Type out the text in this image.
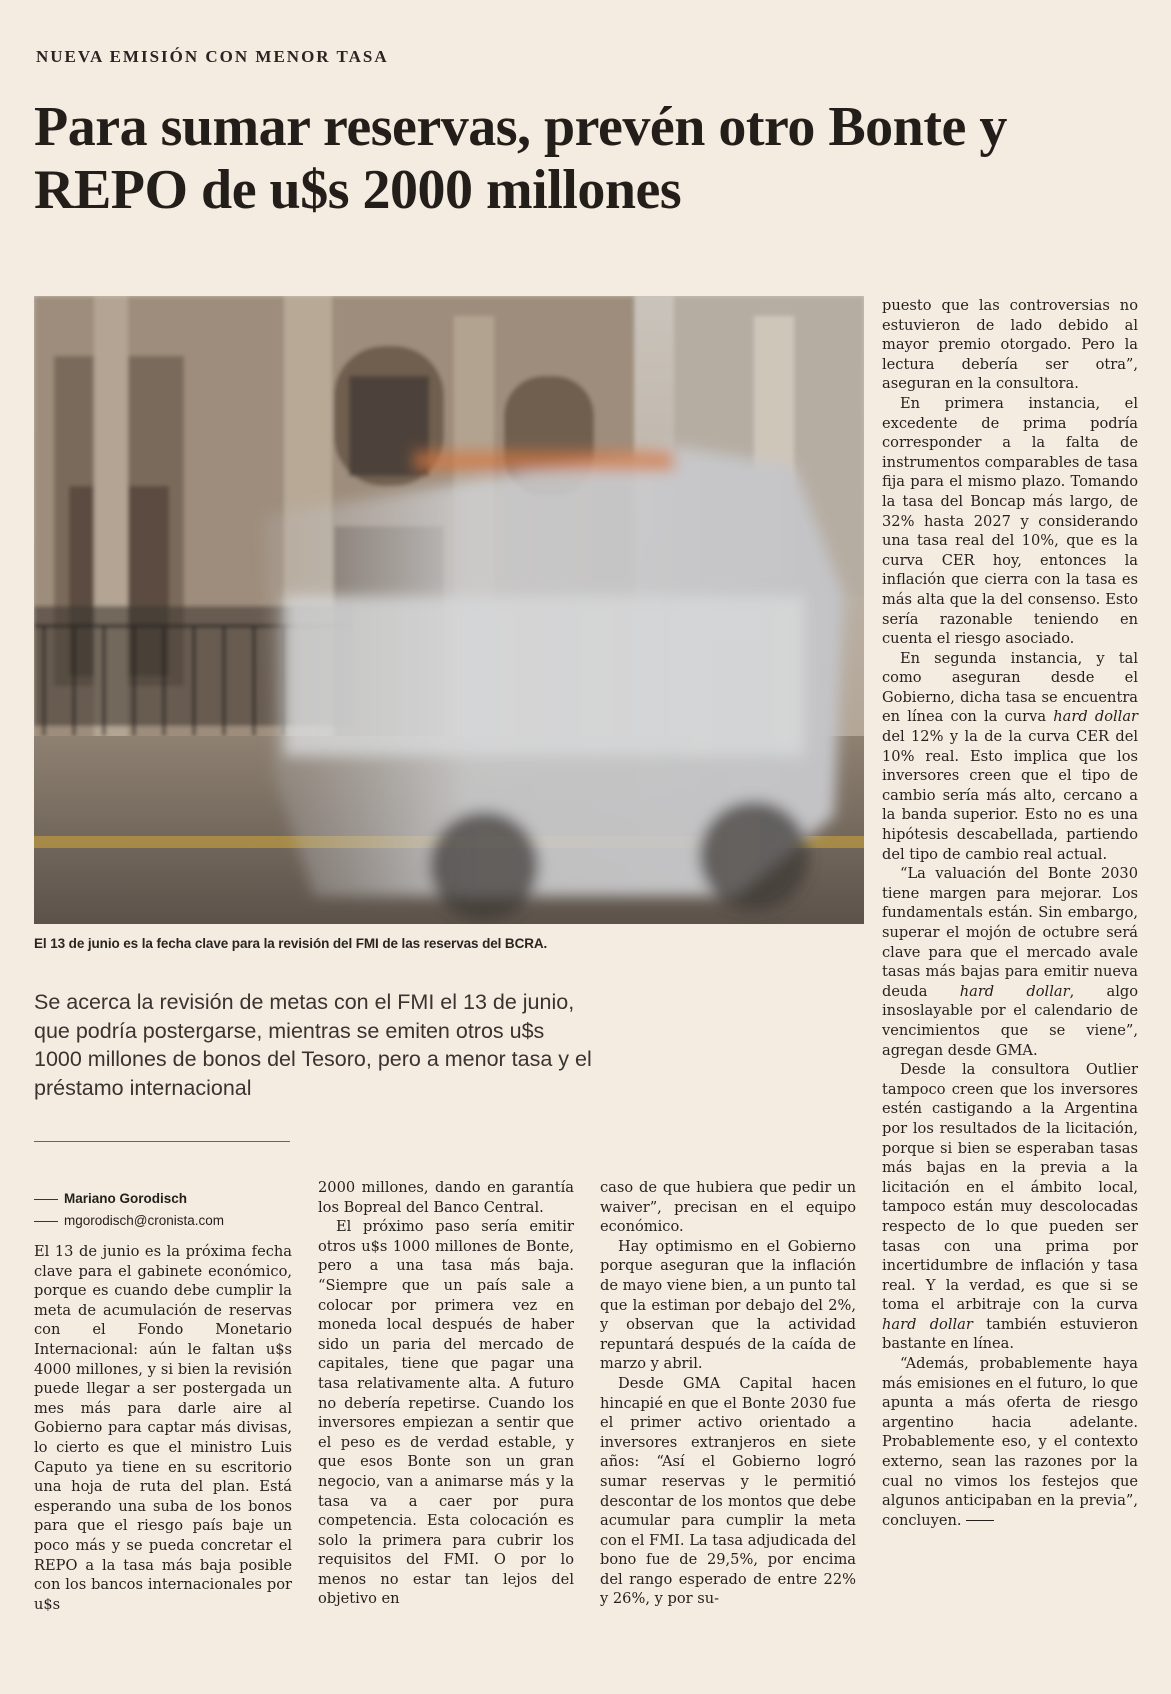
NUEVA EMISIÓN CON MENOR TASA
Para sumar reservas, prevén otro Bonte y REPO de u$s 2000 millones
El 13 de junio es la fecha clave para la revisión del FMI de las reservas del BCRA.
Se acerca la revisión de metas con el FMI el 13 de junio, que podría postergarse, mientras se emiten otros u$s 1000 millones de bonos del Tesoro, pero a menor tasa y el préstamo internacional
Mariano Gorodisch
mgorodisch@cronista.com

El 13 de junio es la próxima fecha clave para el gabinete económico, porque es cuando debe cumplir la meta de acumulación de reservas con el Fondo Monetario Internacional: aún le faltan u$s 4000 millones, y si bien la revisión puede llegar a ser postergada un mes más para darle aire al Gobierno para captar más divisas, lo cierto es que el ministro Luis Caputo ya tiene en su escritorio una hoja de ruta del plan. Está esperando una suba de los bonos para que el riesgo país baje un poco más y se pueda concretar el REPO a la tasa más baja posible con los bancos internacionales por u$s

2000 millones, dando en garantía los Bopreal del Banco Central.

El próximo paso sería emitir otros u$s 1000 millones de Bonte, pero a una tasa más baja. “Siempre que un país sale a colocar por primera vez en moneda local después de haber sido un paria del mercado de capitales, tiene que pagar una tasa relativamente alta. A futuro no debería repetirse. Cuando los inversores empiezan a sentir que el peso es de verdad estable, y que esos Bonte son un gran negocio, van a animarse más y la tasa va a caer por pura competencia. Esta colocación es solo la primera para cubrir los requisitos del FMI. O por lo menos no estar tan lejos del objetivo en

caso de que hubiera que pedir un waiver”, precisan en el equipo económico.

Hay optimismo en el Gobierno porque aseguran que la inflación de mayo viene bien, a un punto tal que la estiman por debajo del 2%, y observan que la actividad repuntará después de la caída de marzo y abril.

Desde GMA Capital hacen hincapié en que el Bonte 2030 fue el primer activo orientado a inversores extranjeros en siete años: “Así el Gobierno logró sumar reservas y le permitió descontar de los montos que debe acumular para cumplir la meta con el FMI. La tasa adjudicada del bono fue de 29,5%, por encima del rango esperado de entre 22% y 26%, y por su-

puesto que las controversias no estuvieron de lado debido al mayor premio otorgado. Pero la lectura debería ser otra”, aseguran en la consultora.

En primera instancia, el excedente de prima podría corresponder a la falta de instrumentos comparables de tasa fija para el mismo plazo. Tomando la tasa del Boncap más largo, de 32% hasta 2027 y considerando una tasa real del 10%, que es la curva CER hoy, entonces la inflación que cierra con la tasa es más alta que la del consenso. Esto sería razonable teniendo en cuenta el riesgo asociado.

En segunda instancia, y tal como aseguran desde el Gobierno, dicha tasa se encuentra en línea con la curva hard dollar del 12% y la de la curva CER del 10% real. Esto implica que los inversores creen que el tipo de cambio sería más alto, cercano a la banda superior. Esto no es una hipótesis descabellada, partiendo del tipo de cambio real actual.

“La valuación del Bonte 2030 tiene margen para mejorar. Los fundamentals están. Sin embargo, superar el mojón de octubre será clave para que el mercado avale tasas más bajas para emitir nueva deuda hard dollar, algo insoslayable por el calendario de vencimientos que se viene”, agregan desde GMA.

Desde la consultora Outlier tampoco creen que los inversores estén castigando a la Argentina por los resultados de la licitación, porque si bien se esperaban tasas más bajas en la previa a la licitación en el ámbito local, tampoco están muy descolocadas respecto de lo que pueden ser tasas con una prima por incertidumbre de inflación y tasa real. Y la verdad, es que si se toma el arbitraje con la curva hard dollar también estuvieron bastante en línea.

“Además, probablemente haya más emisiones en el futuro, lo que apunta a más oferta de riesgo argentino hacia adelante. Probablemente eso, y el contexto externo, sean las razones por la cual no vimos los festejos que algunos anticipaban en la previa”, concluyen.
